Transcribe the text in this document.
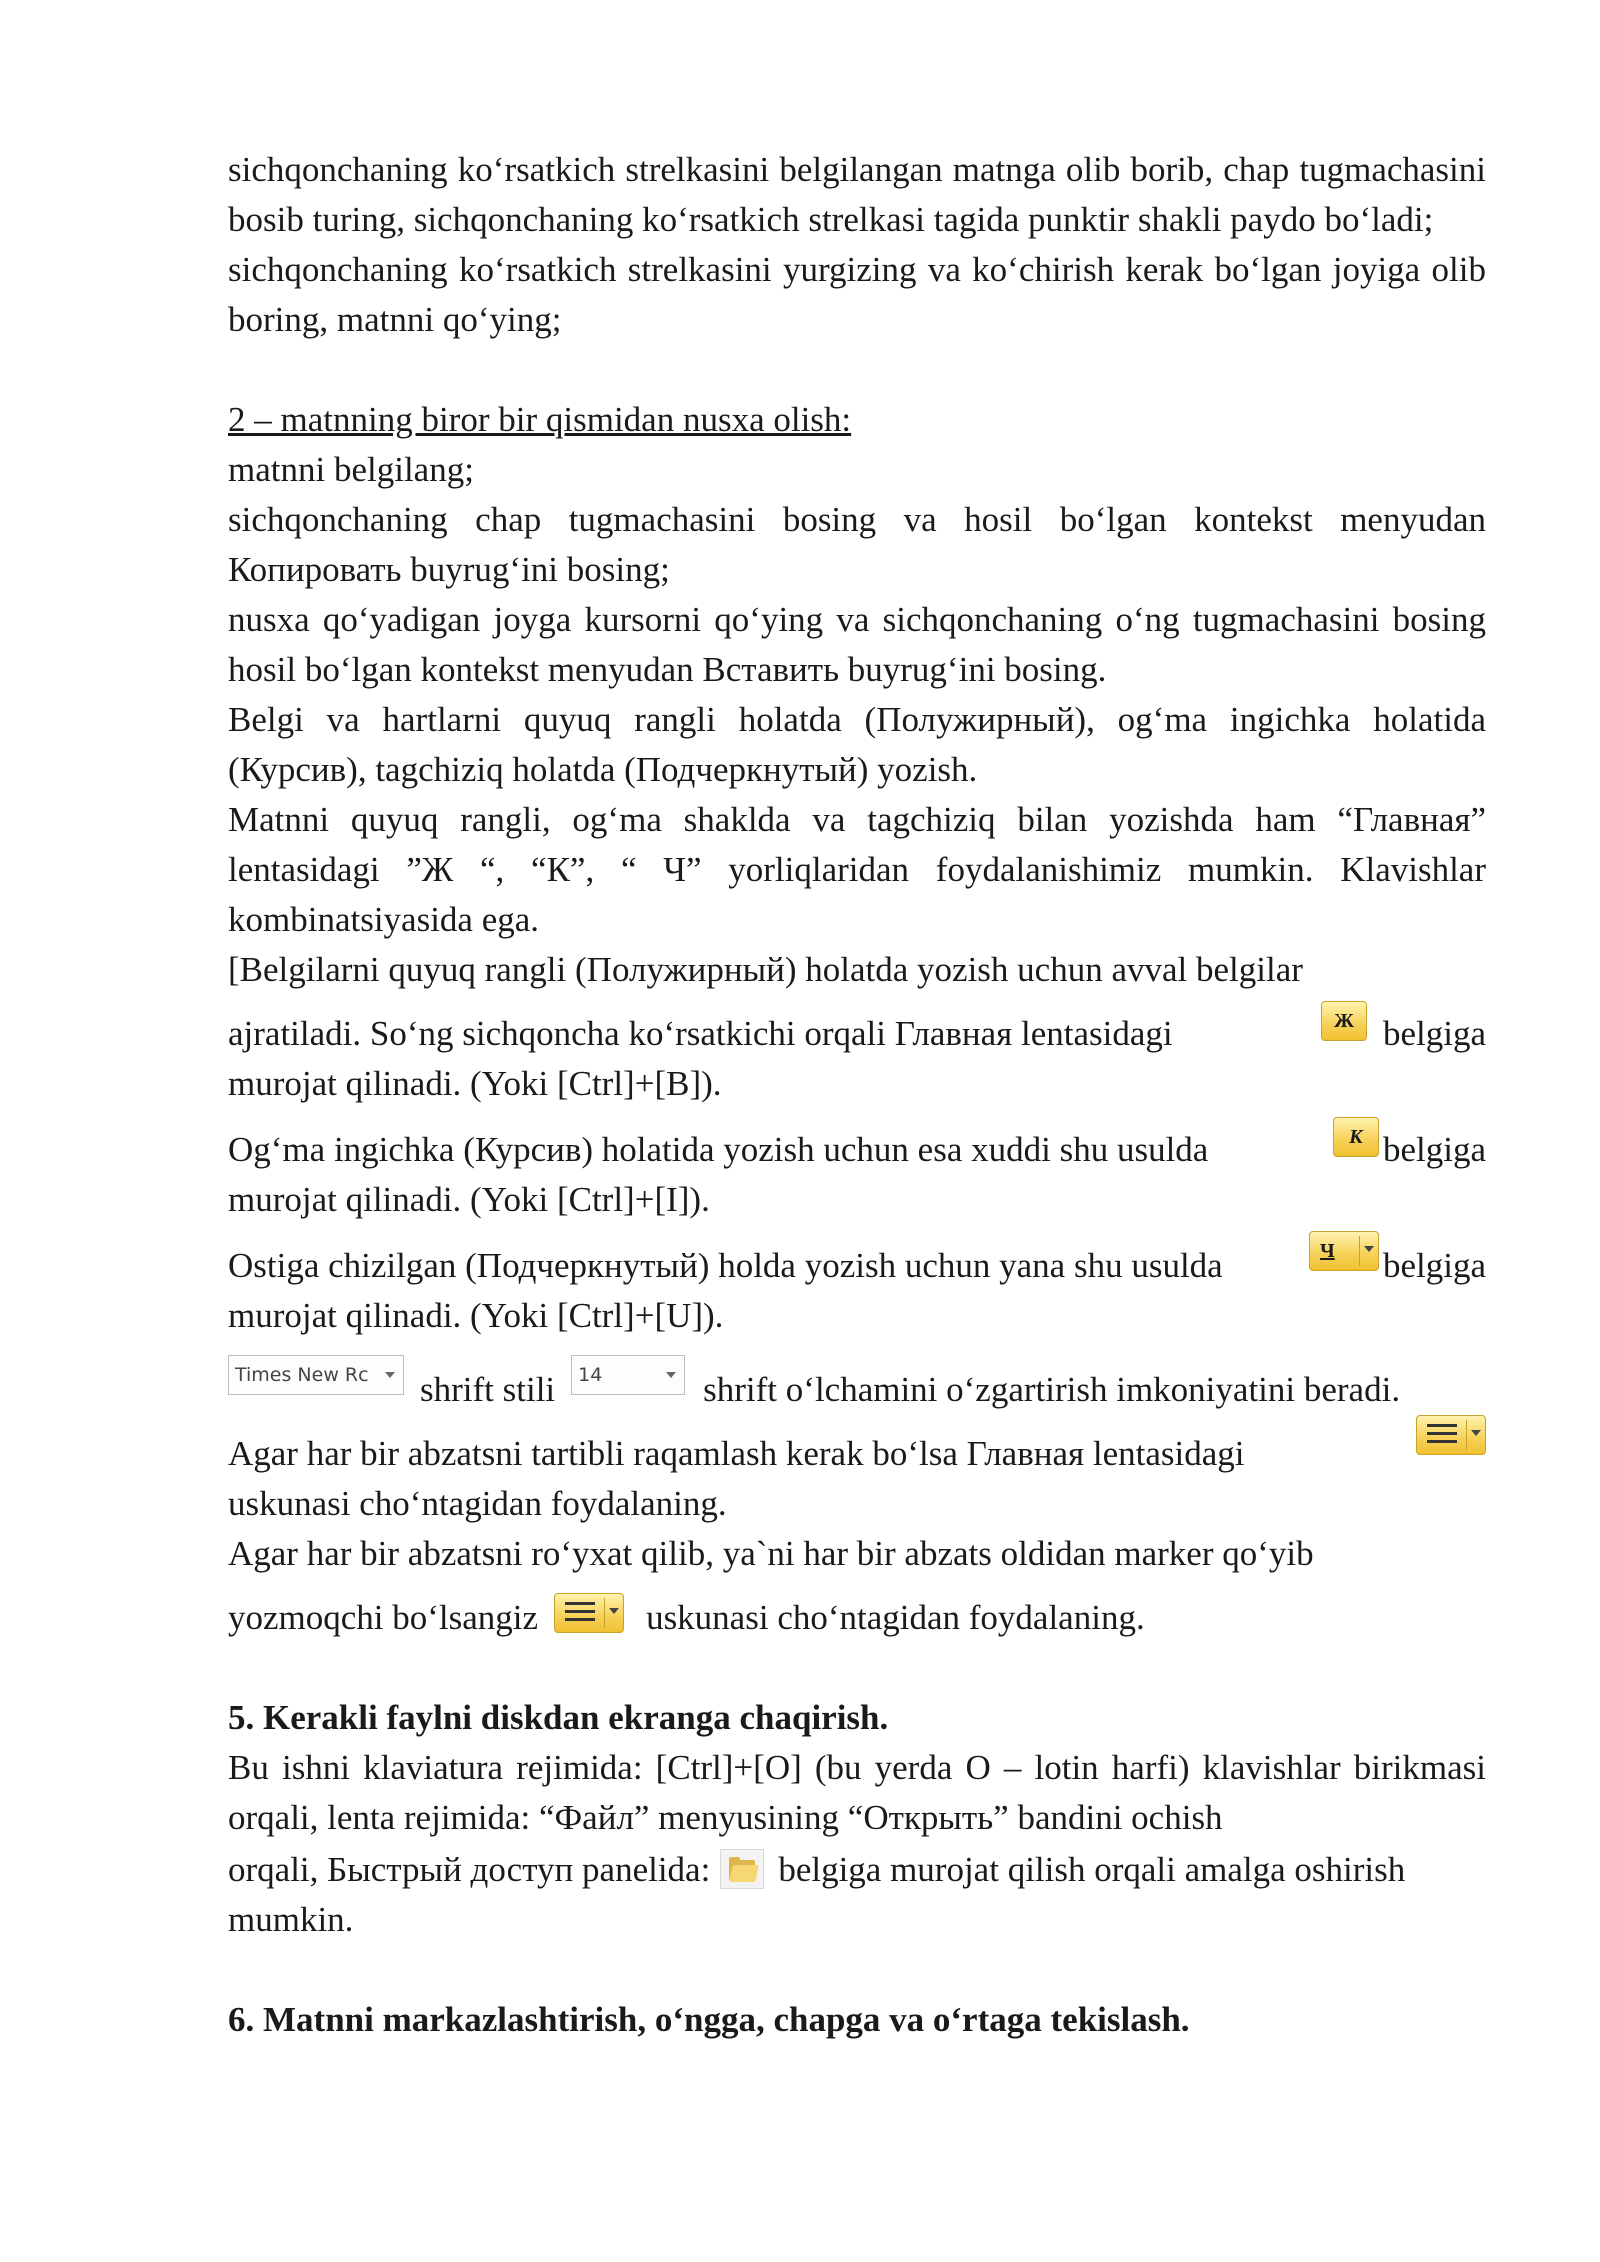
sichqonchaning ko‘rsatkich strelkasini belgilangan matnga olib borib, chap tugmachasini bosib turing, sichqonchaning ko‘rsatkich strelkasi tagida punktir shakli paydo bo‘ladi;

sichqonchaning ko‘rsatkich strelkasini yurgizing va ko‘chirish kerak bo‘lgan joyiga olib boring, matnni qo‘ying;

2 – matnning biror bir qismidan nusxa olish:

matnni belgilang;

sichqonchaning chap tugmachasini bosing va hosil bo‘lgan kontekst menyudan Копировать buyrug‘ini bosing;

nusxa qo‘yadigan joyga kursorni qo‘ying va sichqonchaning o‘ng tugmachasini bosing hosil bo‘lgan kontekst menyudan Вставить buyrug‘ini bosing.

Belgi va hartlarni quyuq rangli holatda (Полужирный), og‘ma ingichka holatida (Курсив), tagchiziq holatda (Подчеркнутый) yozish.

Matnni quyuq rangli, og‘ma shaklda va tagchiziq bilan yozishda ham “Главная” lentasidagi ”Ж “, “К”, “ Ч” yorliqlaridan foydalanishimiz mumkin. Klavishlar kombinatsiyasida ega.

[Belgilarni quyuq rangli (Полужирный) holatda yozish uchun avval belgilar

ajratiladi. So‘ng sichqoncha ko‘rsatkichi orqali Главная lentasidagi	Ж belgiga

murojat qilinadi. (Yoki [Ctrl]+[B]).

Og‘ma ingichka (Курсив) holatida yozish uchun esa xuddi shu usulda	К belgiga

murojat qilinadi. (Yoki [Ctrl]+[I]).

Ostiga chizilgan (Подчеркнутый) holda yozish uchun yana shu usulda	Ч	belgiga

murojat qilinadi. (Yoki [Ctrl]+[U]).

Times New Rc	shrift stili	14	shrift o‘lchamini o‘zgartirish imkoniyatini beradi.
Agar har bir abzatsni tartibli raqamlash kerak bo‘lsa Главная lentasidagi

uskunasi cho‘ntagidan foydalaning.

Agar har bir abzatsni ro‘yxat qilib, ya`ni har bir abzats oldidan marker qo‘yib

yozmoqchi bo‘lsangiz	uskunasi cho‘ntagidan foydalaning.

5. Kerakli faylni diskdan ekranga chaqirish.

Bu ishni klaviatura rejimida: [Ctrl]+[O] (bu yerda O – lotin harfi) klavishlar birikmasi orqali, lenta rejimida: “Файл” menyusining “Открыть” bandini ochish

orqali, Быстрый доступ panelida: belgiga murojat qilish orqali amalga oshirish

mumkin.

6. Matnni markazlashtirish, o‘ngga, chapga va o‘rtaga tekislash.
